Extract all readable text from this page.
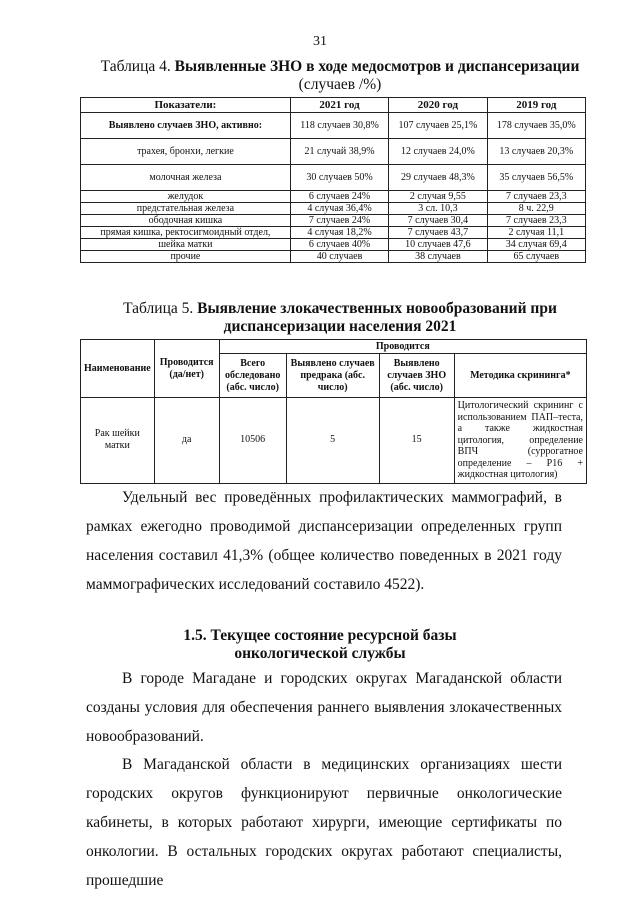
31
Таблица 4. Выявленные ЗНО в ходе медосмотров и диспансеризации
(случаев /%)
Показатели:	2021 год	2020 год	2019 год
Выявлено случаев ЗНО, активно:	118 случаев 30,8%	107 случаев 25,1%	178 случаев 35,0%
трахея, бронхи, легкие	21 случай 38,9%	12 случаев 24,0%	13 случаев 20,3%
молочная железа	30 случаев 50%	29 случаев 48,3%	35 случаев 56,5%
желудок	6 случаев 24%	2 случая 9,55	7 случаев 23,3
предстательная железа	4 случая 36,4%	3 сл. 10,3	8 ч. 22,9
ободочная кишка	7 случаев 24%	7 случаев 30,4	7 случаев 23,3
прямая кишка, ректосигмоидный отдел,	4 случая 18,2%	7 случаев 43,7	2 случая 11,1
шейка матки	6 случаев 40%	10 случаев 47,6	34 случая 69,4
прочие	40 случаев	38 случаев	65 случаев
Таблица 5. Выявление злокачественных новообразований при
диспансеризации населения 2021
Наименование	Проводится (да/нет)	Проводится			
		Всего обследовано (абс. число)	Выявлено случаев предрака (абс. число)	Выявлено случаев ЗНО (абс. число)	Методика скрининга*
Рак шейки матки	да	10506	5	15	Цитологический скрининг с использованием ПАП–теста, а также жидкостная цитология, определение ВПЧ (суррогатное определение – P16 + жидкостная цитология)

Удельный вес проведённых профилактических маммографий, в рамках ежегодно проводимой диспансеризации определенных групп населения составил 41,3% (общее количество поведенных в 2021 году маммографических исследований составило 4522).

1.5. Текущее состояние ресурсной базы
онкологической службы

В городе Магадане и городских округах Магаданской области созданы условия для обеспечения раннего выявления злокачественных новообразований.

В Магаданской области в медицинских организациях шести городских округов функционируют первичные онкологические кабинеты, в которых работают хирурги, имеющие сертификаты по онкологии. В остальных городских округах работают специалисты, прошедшие
